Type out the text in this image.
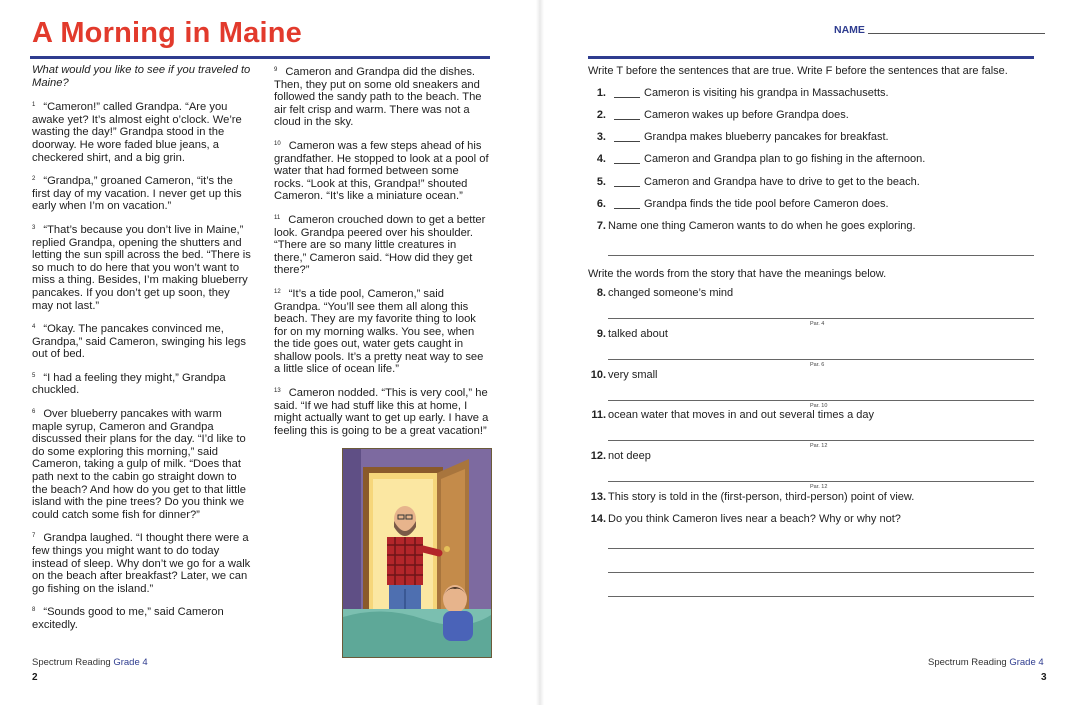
A Morning in Maine

What would you like to see if you traveled to Maine?

$^1$ “Cameron!” called Grandpa. “Are you awake yet? It’s almost eight o’clock. We’re wasting the day!” Grandpa stood in the doorway. He wore faded blue jeans, a checkered shirt, and a big grin.

$^2$ “Grandpa,” groaned Cameron, “it’s the first day of my vacation. I never get up this early when I’m on vacation.”

$^3$ “That’s because you don’t live in Maine,” replied Grandpa, opening the shutters and letting the sun spill across the bed. “There is so much to do here that you won’t want to miss a thing. Besides, I’m making blueberry pancakes. If you don’t get up soon, they may not last.”

$^4$ “Okay. The pancakes convinced me, Grandpa,” said Cameron, swinging his legs out of bed.

$^5$ “I had a feeling they might,” Grandpa chuckled.

$^6$ Over blueberry pancakes with warm maple syrup, Cameron and Grandpa discussed their plans for the day. “I’d like to do some exploring this morning,” said Cameron, taking a gulp of milk. “Does that path next to the cabin go straight down to the beach? And how do you get to that little island with the pine trees? Do you think we could catch some fish for dinner?”

$^7$ Grandpa laughed. “I thought there were a few things you might want to do today instead of sleep. Why don’t we go for a walk on the beach after breakfast? Later, we can go fishing on the island.”

$^8$ “Sounds good to me,” said Cameron excitedly.

$^9$ Cameron and Grandpa did the dishes. Then, they put on some old sneakers and followed the sandy path to the beach. The air felt crisp and warm. There was not a cloud in the sky.

$^{10}$ Cameron was a few steps ahead of his grandfather. He stopped to look at a pool of water that had formed between some rocks. “Look at this, Grandpa!” shouted Cameron. “It’s like a miniature ocean.”

$^{11}$ Cameron crouched down to get a better look. Grandpa peered over his shoulder. “There are so many little creatures in there,” Cameron said. “How did they get there?”

$^{12}$ “It’s a tide pool, Cameron,” said Grandpa. “You’ll see them all along this beach. They are my favorite thing to look for on my morning walks. You see, when the tide goes out, water gets caught in shallow pools. It’s a pretty neat way to see a little slice of ocean life.”

$^{13}$ Cameron nodded. “This is very cool,” he said. “If we had stuff like this at home, I might actually want to get up early. I have a feeling this is going to be a great vacation!”

Spectrum Reading Grade 4
2
NAME
Write T before the sentences that are true. Write F before the sentences that are false.
1.	Cameron is visiting his grandpa in Massachusetts.
2.	Cameron wakes up before Grandpa does.
3.	Grandpa makes blueberry pancakes for breakfast.
4.	Cameron and Grandpa plan to go fishing in the afternoon.
5.	Cameron and Grandpa have to drive to get to the beach.
6.	Grandpa finds the tide pool before Cameron does.
7. Name one thing Cameron wants to do when he goes exploring.
Write the words from the story that have the meanings below.
8. changed someone’s mind
Par. 4
9. talked about
Par. 6
10. very small
Par. 10
11. ocean water that moves in and out several times a day
Par. 12
12. not deep
Par. 12
13. This story is told in the (first-person, third-person) point of view.
14. Do you think Cameron lives near a beach? Why or why not?
Spectrum Reading Grade 4
3
